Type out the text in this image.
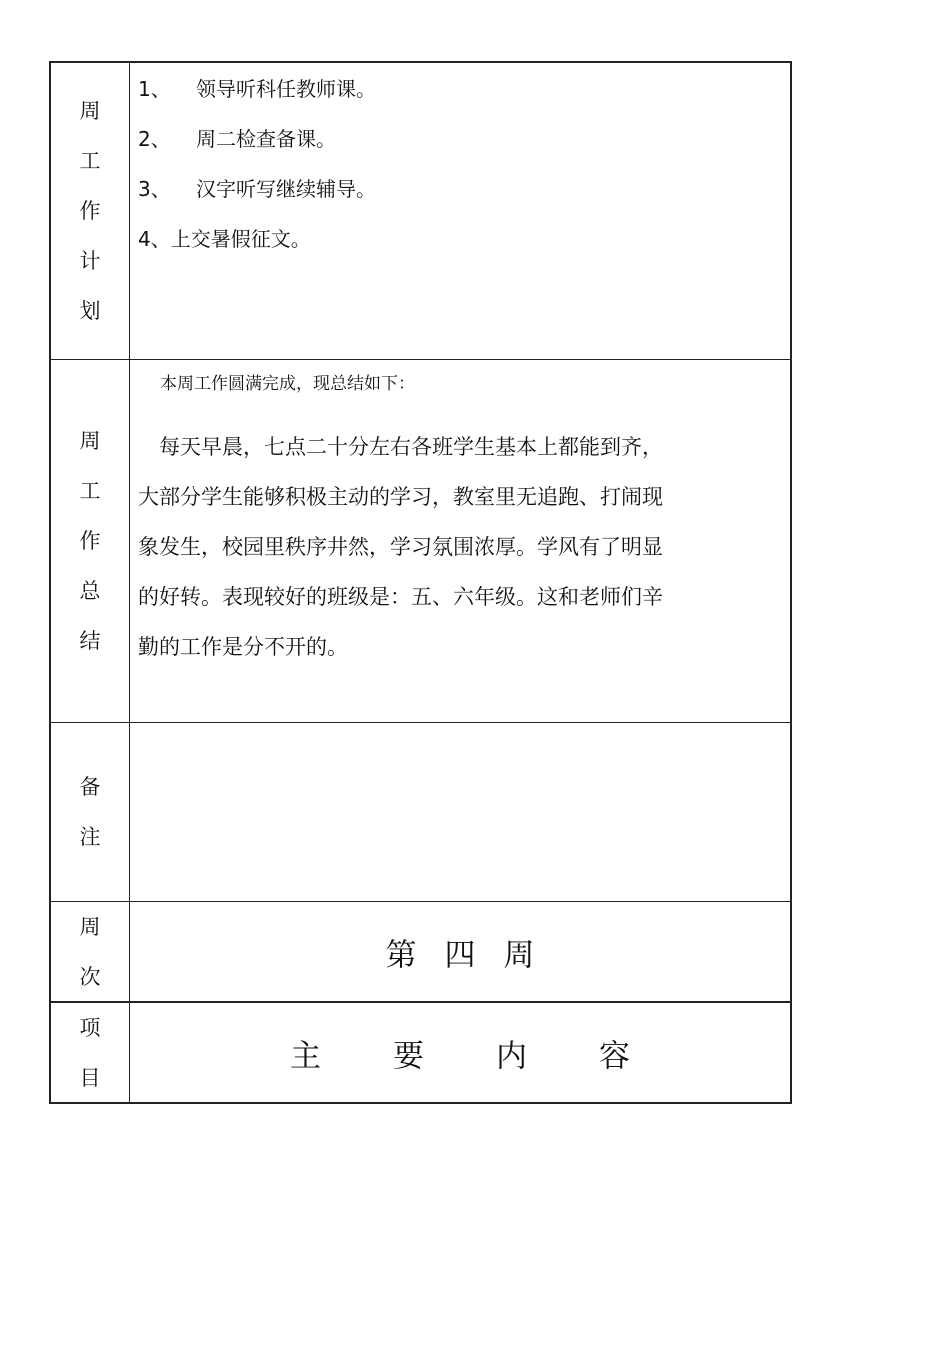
周
工
作
计
划
1、	领导听科任教师课。
2、	周二检查备课。
3、	汉字听写继续辅导。
4、 上交暑假征文。
周
工
作
总
结
本周工作圆满完成，现总结如下：
　每天早晨，七点二十分左右各班学生基本上都能到齐，
大部分学生能够积极主动的学习，教室里无追跑、打闹现
象发生，校园里秩序井然，学习氛围浓厚。学风有了明显
的好转。表现较好的班级是：五、六年级。这和老师们辛
勤的工作是分不开的。
备
注
周
次
第 四 周
项
目
主 要 内 容
